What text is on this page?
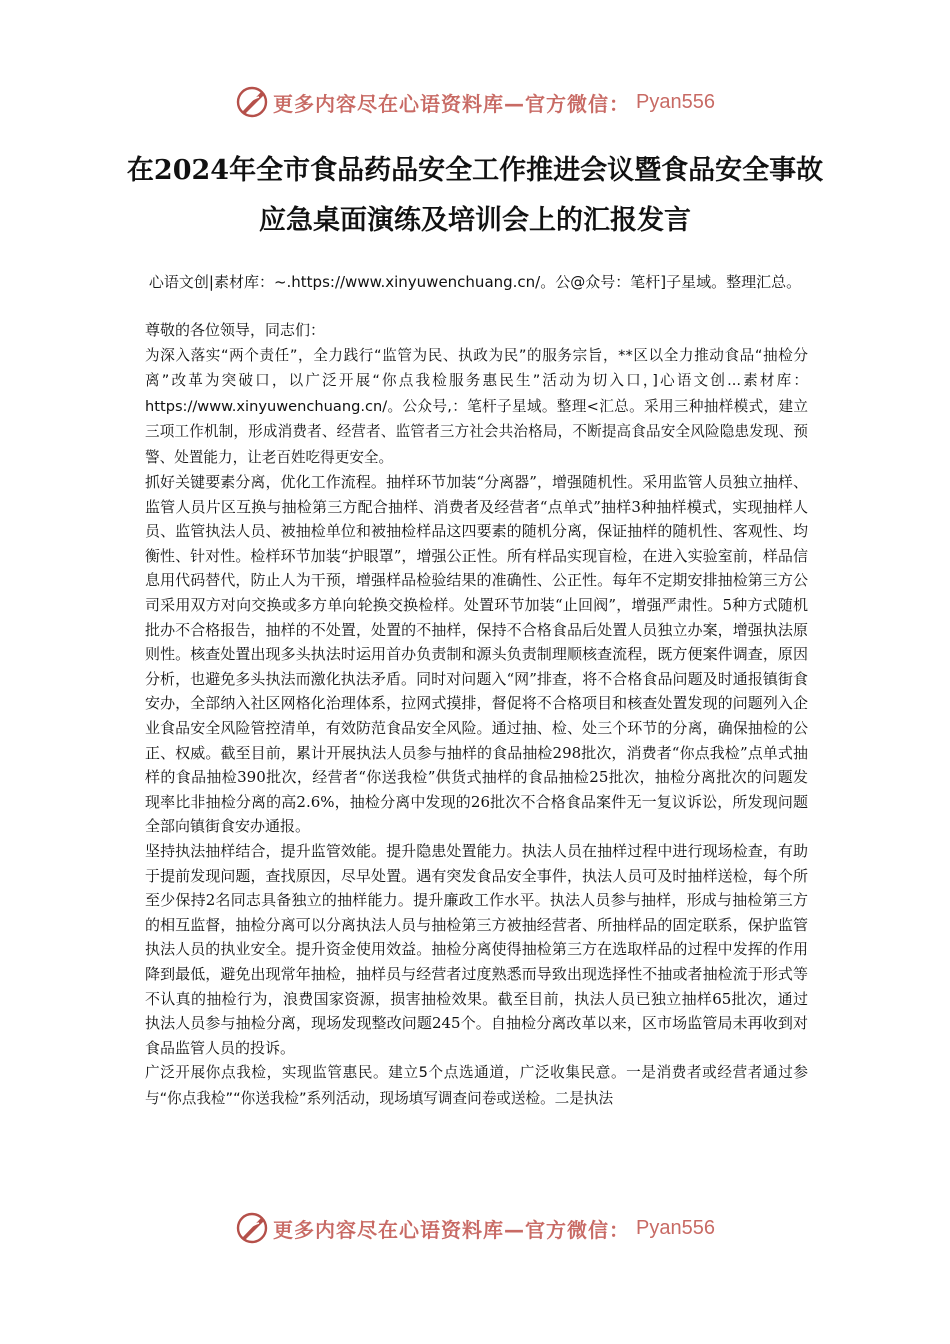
更多内容尽在心语资料库—官方微信： Pyan556
在2024年全市食品药品安全工作推进会议暨食品安全事故应急桌面演练及培训会上的汇报发言
心语文创|素材库：~.https://www.xinyuwenchuang.cn/。公@众号：笔杆]子星域。整理汇总。

尊敬的各位领导，同志们：

为深入落实“两个责任”，全力践行“监管为民、执政为民”的服务宗旨，**区以全力推动食品“抽检分离”改革为突破口，以广泛开展“你点我检服务惠民生”活动为切入口，]心语文创...素材库：https://www.xinyuwenchuang.cn/。公众号,：笔杆子星域。整理<汇总。采用三种抽样模式，建立三项工作机制，形成消费者、经营者、监管者三方社会共治格局，不断提高食品安全风险隐患发现、预警、处置能力，让老百姓吃得更安全。

抓好关键要素分离，优化工作流程。抽样环节加装“分离器”，增强随机性。采用监管人员独立抽样、监管人员片区互换与抽检第三方配合抽样、消费者及经营者“点单式”抽样3种抽样模式，实现抽样人员、监管执法人员、被抽检单位和被抽检样品这四要素的随机分离，保证抽样的随机性、客观性、均衡性、针对性。检样环节加装“护眼罩”，增强公正性。所有样品实现盲检，在进入实验室前，样品信息用代码替代，防止人为干预，增强样品检验结果的准确性、公正性。每年不定期安排抽检第三方公司采用双方对向交换或多方单向轮换交换检样。处置环节加装“止回阀”，增强严肃性。5种方式随机批办不合格报告，抽样的不处置，处置的不抽样，保持不合格食品后处置人员独立办案，增强执法原则性。核查处置出现多头执法时运用首办负责制和源头负责制理顺核查流程，既方便案件调查，原因分析，也避免多头执法而激化执法矛盾。同时对问题入“网”排查，将不合格食品问题及时通报镇街食安办，全部纳入社区网格化治理体系，拉网式摸排，督促将不合格项目和核查处置发现的问题列入企业食品安全风险管控清单，有效防范食品安全风险。通过抽、检、处三个环节的分离，确保抽检的公正、权威。截至目前，累计开展执法人员参与抽样的食品抽检298批次，消费者“你点我检”点单式抽样的食品抽检390批次，经营者“你送我检”供货式抽样的食品抽检25批次，抽检分离批次的问题发现率比非抽检分离的高2.6%，抽检分离中发现的26批次不合格食品案件无一复议诉讼，所发现问题全部向镇街食安办通报。

坚持执法抽样结合，提升监管效能。提升隐患处置能力。执法人员在抽样过程中进行现场检查，有助于提前发现问题，查找原因，尽早处置。遇有突发食品安全事件，执法人员可及时抽样送检，每个所至少保持2名同志具备独立的抽样能力。提升廉政工作水平。执法人员参与抽样，形成与抽检第三方的相互监督，抽检分离可以分离执法人员与抽检第三方被抽经营者、所抽样品的固定联系，保护监管执法人员的执业安全。提升资金使用效益。抽检分离使得抽检第三方在选取样品的过程中发挥的作用降到最低，避免出现常年抽检，抽样员与经营者过度熟悉而导致出现选择性不抽或者抽检流于形式等不认真的抽检行为，浪费国家资源，损害抽检效果。截至目前，执法人员已独立抽样65批次，通过执法人员参与抽检分离，现场发现整改问题245个。自抽检分离改革以来，区市场监管局未再收到对食品监管人员的投诉。

广泛开展你点我检，实现监管惠民。建立5个点选通道，广泛收集民意。一是消费者或经营者通过参与“你点我检”“你送我检”系列活动，现场填写调查问卷或送检。二是执法

更多内容尽在心语资料库—官方微信： Pyan556
